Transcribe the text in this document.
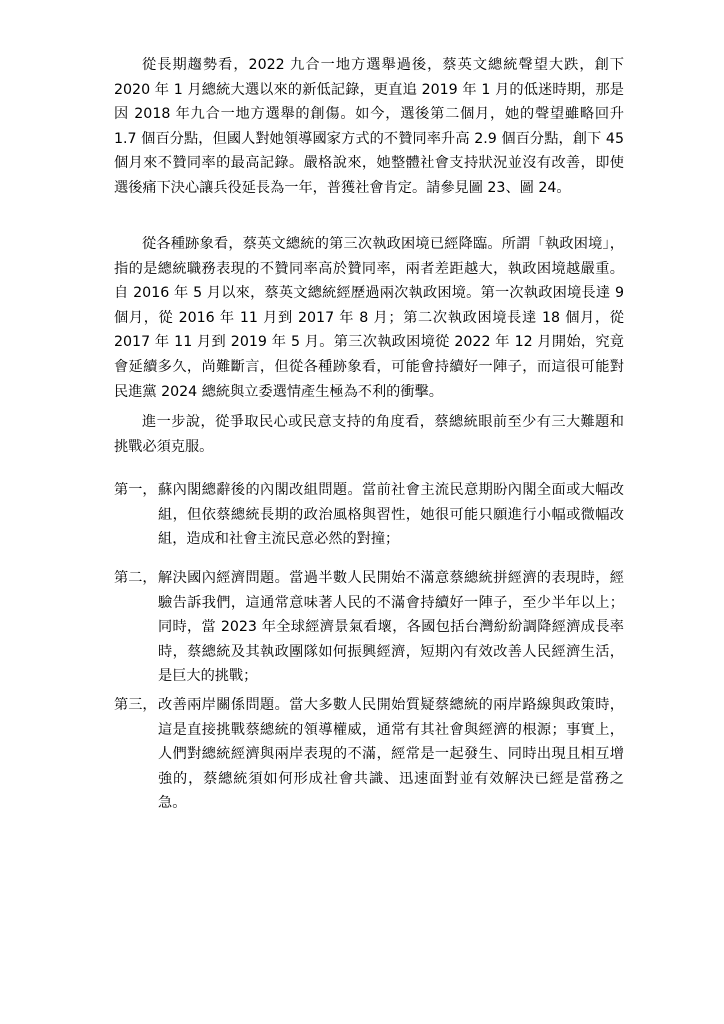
從長期趨勢看，2022 九合一地方選舉過後，蔡英文總統聲望大跌，創下 2020 年 1 月總統大選以來的新低記錄，更直追 2019 年 1 月的低迷時期，那是因 2018 年九合一地方選舉的創傷。如今，選後第二個月，她的聲望雖略回升 1.7 個百分點，但國人對她領導國家方式的不贊同率升高 2.9 個百分點，創下 45 個月來不贊同率的最高記錄。嚴格說來，她整體社會支持狀況並沒有改善，即使選後痛下決心讓兵役延長為一年，普獲社會肯定。請參見圖 23、圖 24。

從各種跡象看，蔡英文總統的第三次執政困境已經降臨。所謂「執政困境」，指的是總統職務表現的不贊同率高於贊同率，兩者差距越大，執政困境越嚴重。自 2016 年 5 月以來，蔡英文總統經歷過兩次執政困境。第一次執政困境長達 9 個月，從 2016 年 11 月到 2017 年 8 月；第二次執政困境長達 18 個月，從 2017 年 11 月到 2019 年 5 月。第三次執政困境從 2022 年 12 月開始，究竟會延續多久，尚難斷言，但從各種跡象看，可能會持續好一陣子，而這很可能對民進黨 2024 總統與立委選情產生極為不利的衝擊。

進一步說，從爭取民心或民意支持的角度看，蔡總統眼前至少有三大難題和挑戰必須克服。

第一， 蘇內閣總辭後的內閣改組問題。當前社會主流民意期盼內閣全面或大幅改組，但依蔡總統長期的政治風格與習性，她很可能只願進行小幅或微幅改組，造成和社會主流民意必然的對撞；
第二， 解決國內經濟問題。當過半數人民開始不滿意蔡總統拼經濟的表現時，經驗告訴我們，這通常意味著人民的不滿會持續好一陣子，至少半年以上；同時，當 2023 年全球經濟景氣看壞，各國包括台灣紛紛調降經濟成長率時，蔡總統及其執政團隊如何振興經濟，短期內有效改善人民經濟生活，是巨大的挑戰；
第三， 改善兩岸關係問題。當大多數人民開始質疑蔡總統的兩岸路線與政策時，這是直接挑戰蔡總統的領導權威，通常有其社會與經濟的根源；事實上，人們對總統經濟與兩岸表現的不滿，經常是一起發生、同時出現且相互增強的，蔡總統須如何形成社會共識、迅速面對並有效解決已經是當務之急。
